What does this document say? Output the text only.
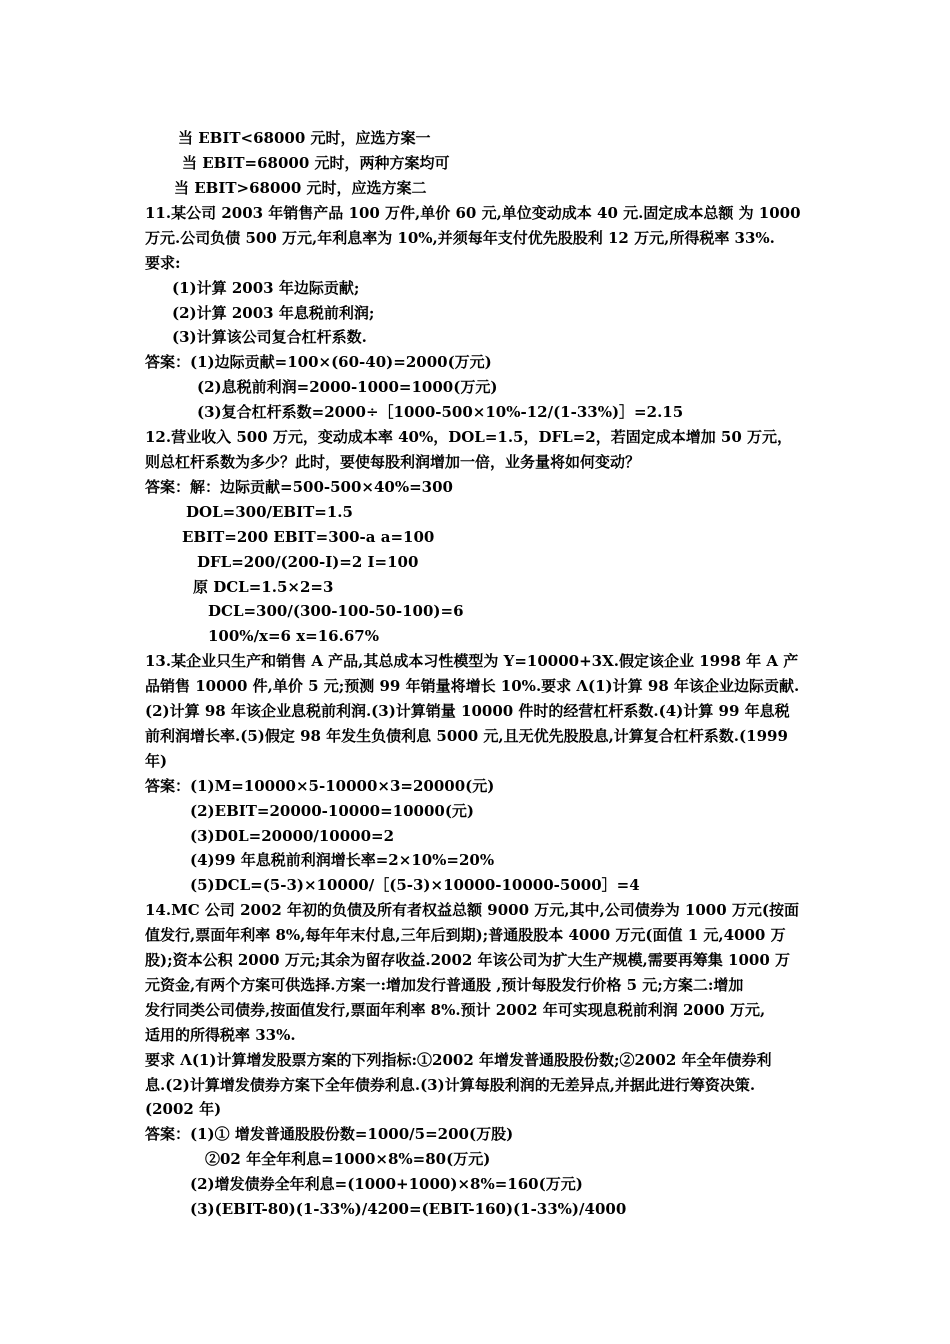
当 EBIT<68000 元时，应选方案一
当 EBIT=68000 元时，两种方案均可
当 EBIT>68000 元时，应选方案二
11.某公司 2003 年销售产品 100 万件,单价 60 元,单位变动成本 40 元.固定成本总额 为 1000
万元.公司负债 500 万元,年利息率为 10%,并须每年支付优先股股利 12 万元,所得税率 33%.
要求:
(1)计算 2003 年边际贡献;
(2)计算 2003 年息税前利润;
(3)计算该公司复合杠杆系数.
答案：(1)边际贡献=100×(60-40)=2000(万元)
(2)息税前利润=2000-1000=1000(万元)
(3)复合杠杆系数=2000÷［1000-500×10%-12/(1-33%)］=2.15
12.营业收入 500 万元，变动成本率 40%，DOL=1.5，DFL=2，若固定成本增加 50 万元，
则总杠杆系数为多少？此时，要使每股利润增加一倍，业务量将如何变动？
答案：解：边际贡献=500-500×40%=300
DOL=300/EBIT=1.5
EBIT=200 EBIT=300-a a=100
DFL=200/(200-I)=2 I=100
原 DCL=1.5×2=3
DCL=300/(300-100-50-100)=6
100%/x=6 x=16.67%
13.某企业只生产和销售 A 产品,其总成本习性模型为 Y=10000+3X.假定该企业 1998 年 A 产
品销售 10000 件,单价 5 元;预测 99 年销量将增长 10%.要求 Λ(1)计算 98 年该企业边际贡献.
(2)计算 98 年该企业息税前利润.(3)计算销量 10000 件时的经营杠杆系数.(4)计算 99 年息税
前利润增长率.(5)假定 98 年发生负债利息 5000 元,且无优先股股息,计算复合杠杆系数.(1999
年)
答案：(1)M=10000×5-10000×3=20000(元)
(2)EBIT=20000-10000=10000(元)
(3)D0L=20000/10000=2
(4)99 年息税前利润增长率=2×10%=20%
(5)DCL=(5-3)×10000/［(5-3)×10000-10000-5000］=4
14.MC 公司 2002 年初的负债及所有者权益总额 9000 万元,其中,公司债券为 1000 万元(按面
值发行,票面年利率 8%,每年年末付息,三年后到期);普通股股本 4000 万元(面值 1 元,4000 万
股);资本公积 2000 万元;其余为留存收益.2002 年该公司为扩大生产规模,需要再筹集 1000 万
元资金,有两个方案可供选择.方案一:增加发行普通股 ,预计每股发行价格 5 元;方案二:增加
发行同类公司债券,按面值发行,票面年利率 8%.预计 2002 年可实现息税前利润 2000 万元,
适用的所得税率 33%.
要求 Λ(1)计算增发股票方案的下列指标:①2002 年增发普通股股份数;②2002 年全年债券利
息.(2)计算增发债券方案下全年债券利息.(3)计算每股利润的无差异点,并据此进行筹资决策.
(2002 年)
答案：(1)① 增发普通股股份数=1000/5=200(万股)
②02 年全年利息=1000×8%=80(万元)
(2)增发债券全年利息=(1000+1000)×8%=160(万元)
(3)(EBIT-80)(1-33%)/4200=(EBIT-160)(1-33%)/4000
